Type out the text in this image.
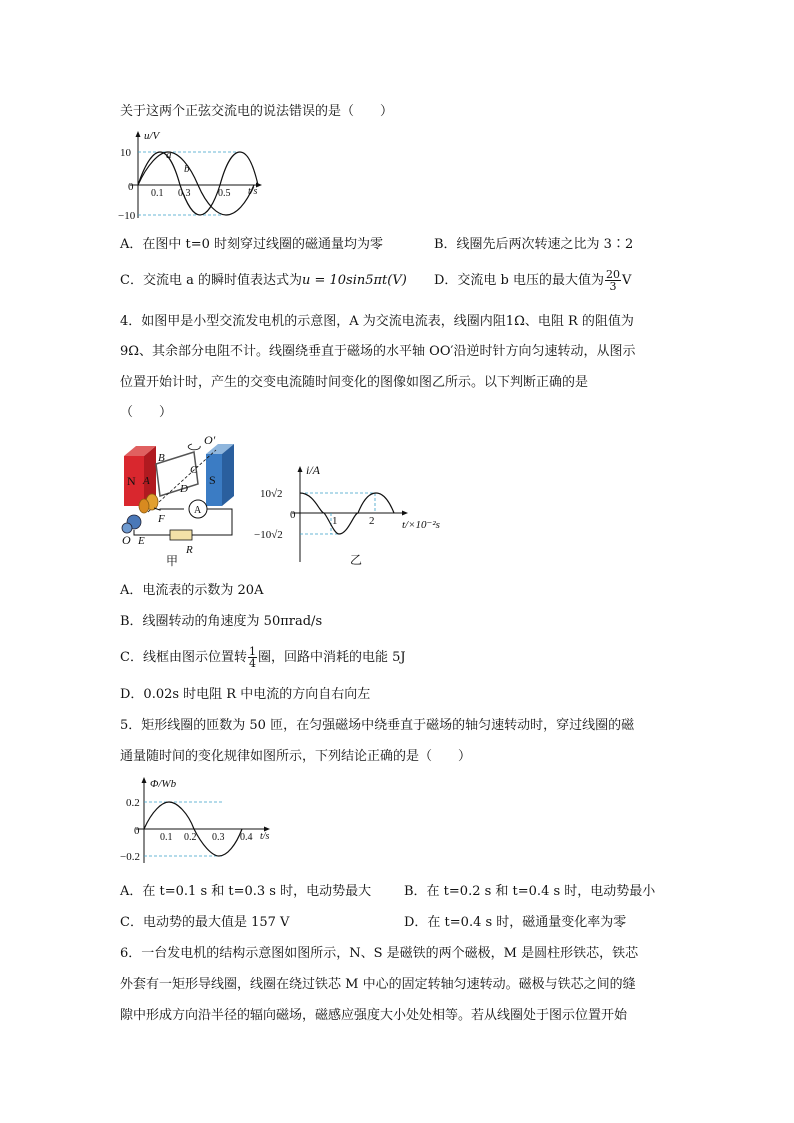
关于这两个正弦交流电的说法错误的是（　　）
u/V
10
−10
0
0.1 0.3	0.5 t/s
a
b
A．在图中 t=0 时刻穿过线圈的磁通量均为零	B．线圈先后两次转速之比为 3∶2
C．交流电 a 的瞬时值表达式为u = 10sin5πt(V) D．交流电 b 电压的最大值为 $\frac{20}{3}$ V
4．如图甲是小型交流发电机的示意图，A 为交流电流表，线圈内阻1Ω、电阻 R 的阻值为
9Ω、其余部分电阻不计。线圈绕垂直于磁场的水平轴 OO′沿逆时针方向匀速转动，从图示
位置开始计时，产生的交变电流随时间变化的图像如图乙所示。以下判断正确的是
（　　）
N	S
A
B
A
C
D
O′
F
O E
R
甲
i/A
10√2
−10√2
0	1	2	t/×10⁻²s
乙
A．电流表的示数为 20A
B．线圈转动的角速度为 50πrad/s
C．线框由图示位置转 $\frac{1}{4}$ 圈，回路中消耗的电能 5J
D．0.02s 时电阻 R 中电流的方向自右向左
5．矩形线圈的匝数为 50 匝，在匀强磁场中绕垂直于磁场的轴匀速转动时，穿过线圈的磁
通量随时间的变化规律如图所示，下列结论正确的是（　　）
Φ/Wb
0.2
−0.2
0
0.1 0.2 0.3 0.4 t/s
A．在 t=0.1 s 和 t=0.3 s 时，电动势最大	B．在 t=0.2 s 和 t=0.4 s 时，电动势最小
C．电动势的最大值是 157 V	D．在 t=0.4 s 时，磁通量变化率为零
6．一台发电机的结构示意图如图所示，N、S 是磁铁的两个磁极，M 是圆柱形铁芯，铁芯
外套有一矩形导线圈，线圈在绕过铁芯 M 中心的固定转轴匀速转动。磁极与铁芯之间的缝
隙中形成方向沿半径的辐向磁场，磁感应强度大小处处相等。若从线圈处于图示位置开始
